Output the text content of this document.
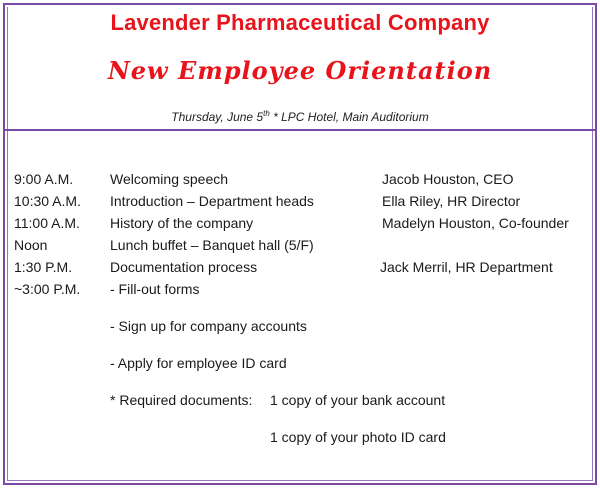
Lavender Pharmaceutical Company
New Employee Orientation
Thursday, June 5th * LPC Hotel, Main Auditorium
9:00 A.M.	Welcoming speech	Jacob Houston, CEO
10:30 A.M. Introduction – Department heads	Ella Riley, HR Director
11:00 A.M. History of the company	Madelyn Houston, Co-founder
Noon	Lunch buffet – Banquet hall (5/F)
1:30 P.M.	Documentation process	Jack Merril, HR Department
~3:00 P.M. - Fill-out forms
- Sign up for company accounts
- Apply for employee ID card
* Required documents: 1 copy of your bank account
1 copy of your photo ID card
